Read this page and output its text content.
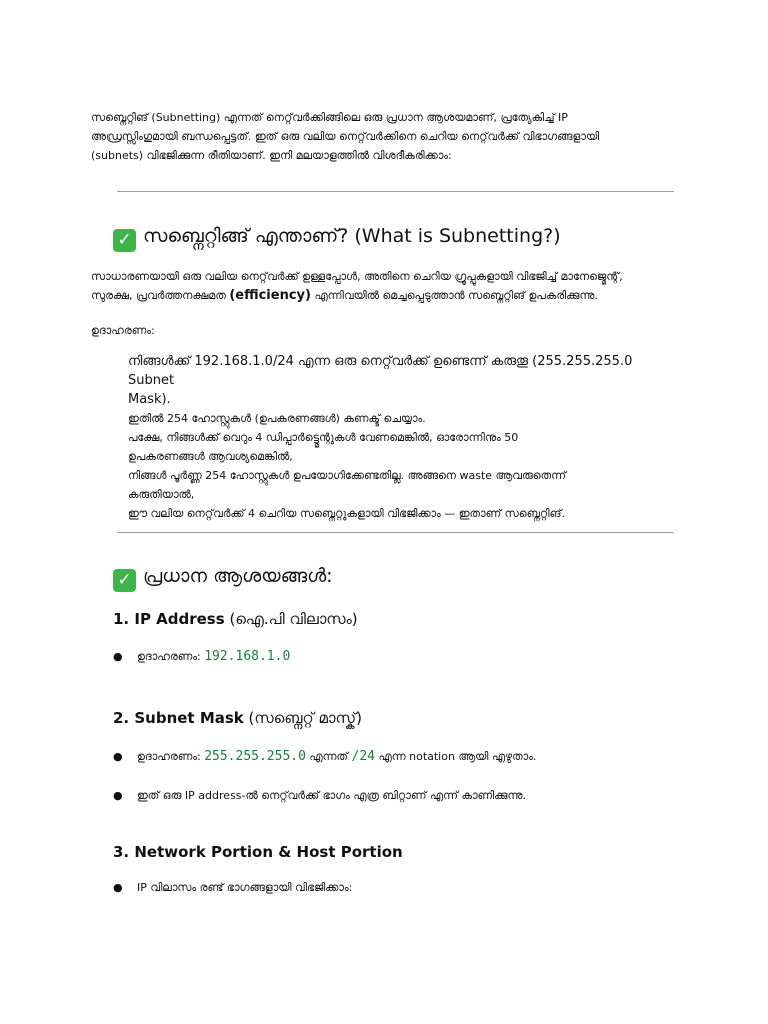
സബ്നെറ്റിങ് (Subnetting) എന്നത് നെറ്റ്‌വർക്കിങ്ങിലെ ഒരു പ്രധാന ആശയമാണ്, പ്രത്യേകിച്ച് IP
അഡ്രസ്സിംഗുമായി ബന്ധപ്പെട്ടത്. ഇത് ഒരു വലിയ നെറ്റ്‌വർക്കിനെ ചെറിയ നെറ്റ്‌വർക്ക് വിഭാഗങ്ങളായി
(subnets) വിഭജിക്കുന്ന രീതിയാണ്. ഇനി മലയാളത്തിൽ വിശദീകരിക്കാം:
✓ സബ്നെറ്റിങ്ങ് എന്താണ്? (What is Subnetting?)
സാധാരണയായി ഒരു വലിയ നെറ്റ്‌വർക്ക് ഉള്ളപ്പോൾ, അതിനെ ചെറിയ ഗ്രൂപ്പുകളായി വിഭജിച്ച് മാനേജ്മെന്റ്,
സുരക്ഷ, പ്രവർത്തനക്ഷമത (efficiency) എന്നിവയിൽ മെച്ചപ്പെടുത്താൻ സബ്നെറ്റിങ് ഉപകരിക്കുന്നു.
ഉദാഹരണം:
നിങ്ങൾക്ക് 192.168.1.0/24 എന്ന ഒരു നെറ്റ്‌വർക്ക് ഉണ്ടെന്ന് കരുതൂ (255.255.255.0 Subnet
Mask).
ഇതിൽ 254 ഹോസ്റ്റുകൾ (ഉപകരണങ്ങൾ) കണക്ട് ചെയ്യാം.
പക്ഷേ, നിങ്ങൾക്ക് വെറും 4 ഡിപ്പാർട്ട്മെന്റുകൾ വേണമെങ്കിൽ, ഓരോന്നിനും 50
ഉപകരണങ്ങൾ ആവശ്യമെങ്കിൽ,
നിങ്ങൾ പൂർണ്ണ 254 ഹോസ്റ്റുകൾ ഉപയോഗിക്കേണ്ടതില്ല. അങ്ങനെ waste ആവരുതെന്ന്
കരുതിയാൽ,
ഈ വലിയ നെറ്റ്‌വർക്ക് 4 ചെറിയ സബ്നെറ്റുകളായി വിഭജിക്കാം — ഇതാണ് സബ്നെറ്റിങ്.
✓ പ്രധാന ആശയങ്ങൾ:
1. IP Address (ഐ.പി വിലാസം)
● ഉദാഹരണം: 192.168.1.0
2. Subnet Mask (സബ്നെറ്റ് മാസ്ക്)
● ഉദാഹരണം: 255.255.255.0 എന്നത് /24 എന്ന notation ആയി എഴുതാം.
● ഇത് ഒരു IP address-ൽ നെറ്റ്‌വർക്ക് ഭാഗം എത്ര ബിറ്റാണ് എന്ന് കാണിക്കുന്നു.
3. Network Portion & Host Portion
● IP വിലാസം രണ്ട് ഭാഗങ്ങളായി വിഭജിക്കാം:
